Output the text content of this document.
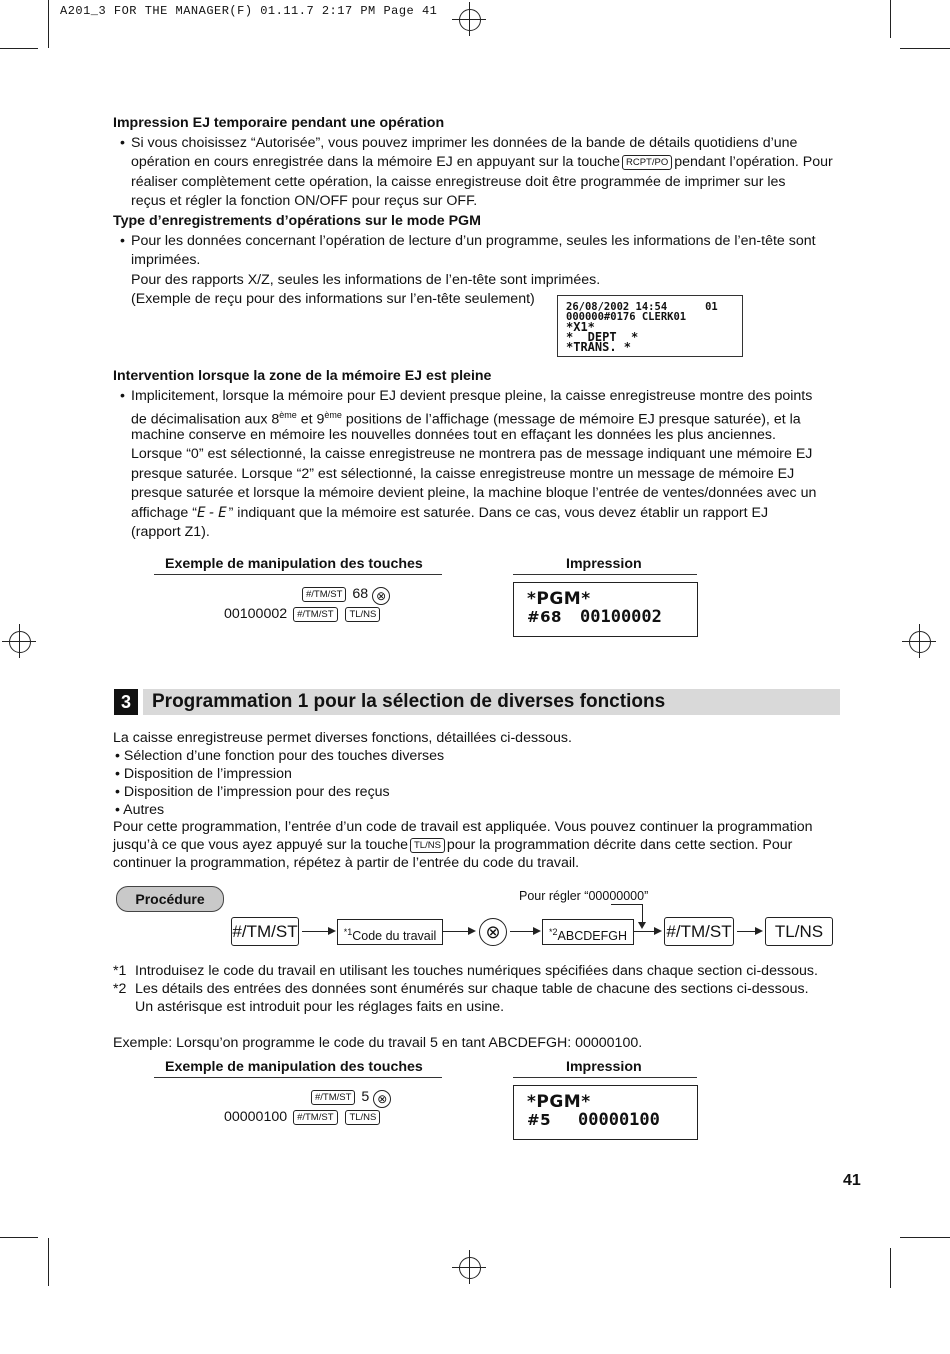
A201_3 FOR THE MANAGER(F) 01.11.7 2:17 PM Page 41
Impression EJ temporaire pendant une opération
• Si vous choisissez “Autorisée”, vous pouvez imprimer les données de la bande de détails quotidiens d’une
opération en cours enregistrée dans la mémoire EJ en appuyant sur la touche RCPT/PO pendant l’opération. Pour
réaliser complètement cette opération, la caisse enregistreuse doit être programmée de imprimer sur les
reçus et régler la fonction ON/OFF pour reçus sur OFF.
Type d’enregistrements d’opérations sur le mode PGM
• Pour les données concernant l’opération de lecture d’un programme, seules les informations de l’en-tête sont
imprimées.
Pour des rapports X/Z, seules les informations de l’en-tête sont imprimées.
(Exemple de reçu pour des informations sur l’en-tête seulement)	26/08/2002 14:54      01
000000#0176 CLERK01
*X1*
*  DEPT  *
*TRANS. *
Intervention lorsque la zone de la mémoire EJ est pleine
• Implicitement, lorsque la mémoire pour EJ devient presque pleine, la caisse enregistreuse montre des points
de décimalisation aux 8ème et 9ème positions de l’affichage (message de mémoire EJ presque saturée), et la
machine conserve en mémoire les nouvelles données tout en effaçant les données les plus anciennes.
Lorsque “0” est sélectionné, la caisse enregistreuse ne montrera pas de message indiquant une mémoire EJ
presque saturée. Lorsque “2” est sélectionné, la caisse enregistreuse montre un message de mémoire EJ
presque saturée et lorsque la mémoire devient pleine, la machine bloque l’entrée de ventes/données avec un
affichage “E-E” indiquant que la mémoire est saturée. Dans ce cas, vous devez établir un rapport EJ
(rapport Z1).
Exemple de manipulation des touches	Impression
#/TM/ST 68 ⊗
00100002 #/TM/ST TL/NS
*PGM*
#68 00100002
3	Programmation 1 pour la sélection de diverses fonctions
La caisse enregistreuse permet diverses fonctions, détaillées ci-dessous.
• Sélection d’une fonction pour des touches diverses
• Disposition de l’impression
• Disposition de l’impression pour des reçus
• Autres
Pour cette programmation, l’entrée d’un code de travail est appliquée. Vous pouvez continuer la programmation
jusqu’à ce que vous ayez appuyé sur la touche TL/NS pour la programmation décrite dans cette section. Pour
continuer la programmation, répétez à partir de l’entrée du code du travail.
Procédure	Pour régler “00000000”
#/TM/ST	$^{*1}$Code du travail	⊗	$^{*2}$ABCDEFGH	#/TM/ST	TL/NS
*1 Introduisez le code du travail en utilisant les touches numériques spécifiées dans chaque section ci-dessous.
*2 Les détails des entrées des données sont énumérés sur chaque table de chacune des sections ci-dessous.
Un astérisque est introduit pour les réglages faits en usine.
Exemple: Lorsqu’on programme le code du travail 5 en tant ABCDEFGH: 00000100.
Exemple de manipulation des touches	Impression
#/TM/ST 5 ⊗
00000100 #/TM/ST TL/NS
*PGM*
#5 00000100
41
